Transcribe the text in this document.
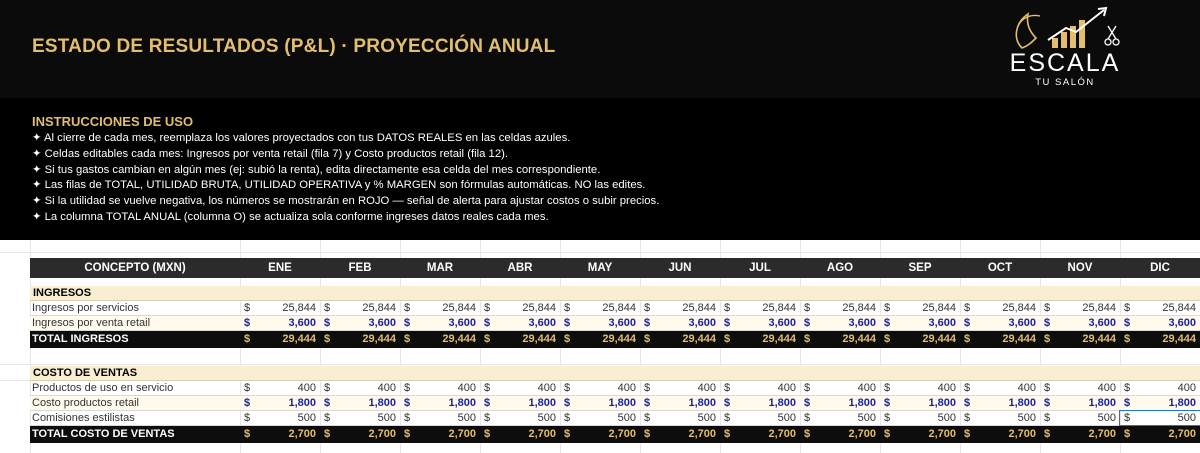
ESTADO DE RESULTADOS (P&L) · PROYECCIÓN ANUAL
ESCALA
TU SALÓN
INSTRUCCIONES DE USO
✦ Al cierre de cada mes, reemplaza los valores proyectados con tus DATOS REALES en las celdas azules.
✦ Celdas editables cada mes: Ingresos por venta retail (fila 7) y Costo productos retail (fila 12).
✦ Si tus gastos cambian en algún mes (ej: subió la renta), edita directamente esa celda del mes correspondiente.
✦ Las filas de TOTAL, UTILIDAD BRUTA, UTILIDAD OPERATIVA y % MARGEN son fórmulas automáticas. NO las edites.
✦ Si la utilidad se vuelve negativa, los números se mostrarán en ROJO — señal de alerta para ajustar costos o subir precios.
✦ La columna TOTAL ANUAL (columna O) se actualiza sola conforme ingreses datos reales cada mes.
CONCEPTO (MXN)	ENE	FEB	MAR	ABR	MAY	JUN	JUL	AGO	SEP	OCT	NOV	DIC
INGRESOS
Ingresos por servicios	$	25,844 $	25,844 $	25,844 $	25,844 $	25,844 $	25,844 $	25,844 $	25,844 $	25,844 $	25,844 $	25,844 $	25,844
Ingresos por venta retail	$	3,600 $	3,600 $	3,600 $	3,600 $	3,600 $	3,600 $	3,600 $	3,600 $	3,600 $	3,600 $	3,600 $	3,600
TOTAL INGRESOS	$	29,444 $	29,444 $	29,444 $	29,444 $	29,444 $	29,444 $	29,444 $	29,444 $	29,444 $	29,444 $	29,444 $	29,444
COSTO DE VENTAS
Productos de uso en servicio	$	400 $	400 $	400 $	400 $	400 $	400 $	400 $	400 $	400 $	400 $	400 $	400
Costo productos retail	$	1,800 $	1,800 $	1,800 $	1,800 $	1,800 $	1,800 $	1,800 $	1,800 $	1,800 $	1,800 $	1,800 $	1,800
Comisiones estilistas	$	500 $	500 $	500 $	500 $	500 $	500 $	500 $	500 $	500 $	500 $	500 $	500
TOTAL COSTO DE VENTAS	$	2,700 $	2,700 $	2,700 $	2,700 $	2,700 $	2,700 $	2,700 $	2,700 $	2,700 $	2,700 $	2,700 $	2,700
